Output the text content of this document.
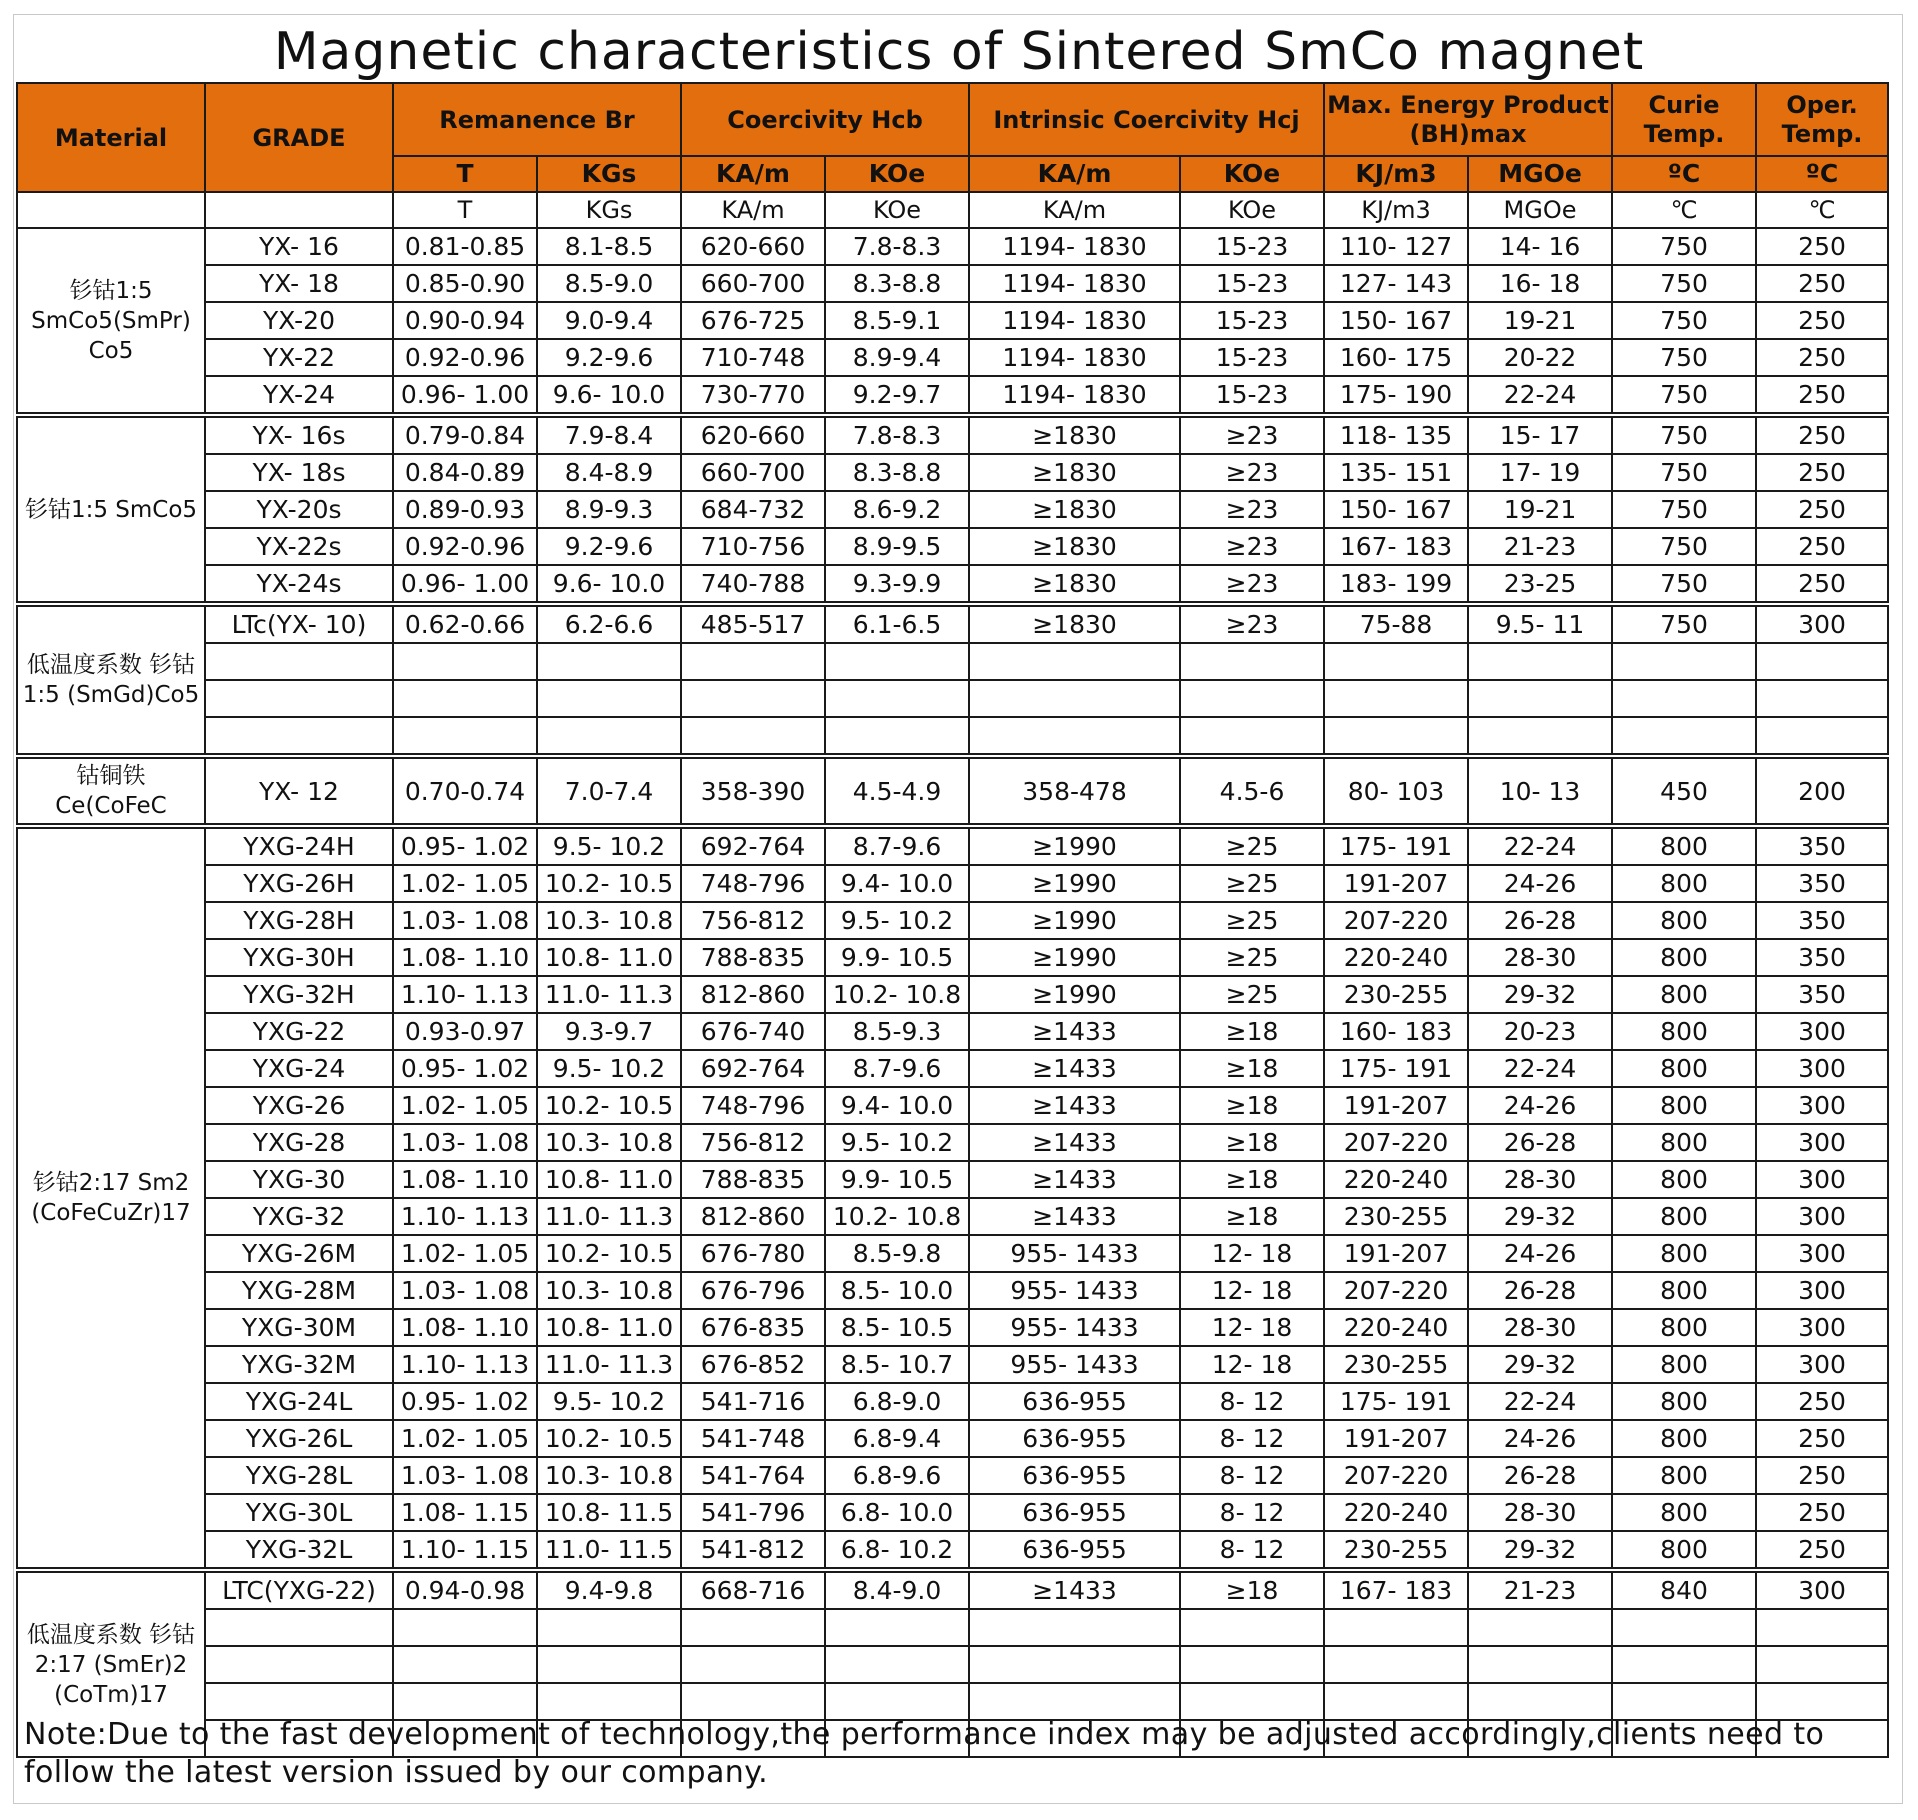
Magnetic characteristics of Sintered SmCo magnet
Material	GRADE	Remanence Br		Coercivity Hcb		Intrinsic Coercivity Hcj		Max. Energy Product (BH)max		Curie Temp.	Oper. Temp.
		T	KGs	KA/m	KOe	KA/m	KOe	KJ/m3	MGOe	ºC	ºC
		T	KGs	KA/m	KOe	KA/m	KOe	KJ/m3	MGOe	℃	℃
钐钴1:5 SmCo5(SmPr) Co5	YX- 16	0.81-0.85	8.1-8.5	620-660	7.8-8.3	1194- 1830	15-23	110- 127	14- 16	750	250
	YX- 18	0.85-0.90	8.5-9.0	660-700	8.3-8.8	1194- 1830	15-23	127- 143	16- 18	750	250
	YX-20	0.90-0.94	9.0-9.4	676-725	8.5-9.1	1194- 1830	15-23	150- 167	19-21	750	250
	YX-22	0.92-0.96	9.2-9.6	710-748	8.9-9.4	1194- 1830	15-23	160- 175	20-22	750	250
	YX-24	0.96- 1.00	9.6- 10.0	730-770	9.2-9.7	1194- 1830	15-23	175- 190	22-24	750	250
钐钴1:5 SmCo5	YX- 16s	0.79-0.84	7.9-8.4	620-660	7.8-8.3	≥1830	≥23	118- 135	15- 17	750	250
	YX- 18s	0.84-0.89	8.4-8.9	660-700	8.3-8.8	≥1830	≥23	135- 151	17- 19	750	250
	YX-20s	0.89-0.93	8.9-9.3	684-732	8.6-9.2	≥1830	≥23	150- 167	19-21	750	250
	YX-22s	0.92-0.96	9.2-9.6	710-756	8.9-9.5	≥1830	≥23	167- 183	21-23	750	250
	YX-24s	0.96- 1.00	9.6- 10.0	740-788	9.3-9.9	≥1830	≥23	183- 199	23-25	750	250
低温度系数 钐钴1:5 (SmGd)Co5	LTc(YX- 10)	0.62-0.66	6.2-6.6	485-517	6.1-6.5	≥1830	≥23	75-88	9.5- 11	750	300

钴铜铁 Ce(CoFeC	YX- 12	0.70-0.74	7.0-7.4	358-390	4.5-4.9	358-478	4.5-6	80- 103	10- 13	450	200
钐钴2:17 Sm2 (CoFeCuZr)17	YXG-24H	0.95- 1.02	9.5- 10.2	692-764	8.7-9.6	≥1990	≥25	175- 191	22-24	800	350
	YXG-26H	1.02- 1.05	10.2- 10.5	748-796	9.4- 10.0	≥1990	≥25	191-207	24-26	800	350
	YXG-28H	1.03- 1.08	10.3- 10.8	756-812	9.5- 10.2	≥1990	≥25	207-220	26-28	800	350
	YXG-30H	1.08- 1.10	10.8- 11.0	788-835	9.9- 10.5	≥1990	≥25	220-240	28-30	800	350
	YXG-32H	1.10- 1.13	11.0- 11.3	812-860	10.2- 10.8	≥1990	≥25	230-255	29-32	800	350
	YXG-22	0.93-0.97	9.3-9.7	676-740	8.5-9.3	≥1433	≥18	160- 183	20-23	800	300
	YXG-24	0.95- 1.02	9.5- 10.2	692-764	8.7-9.6	≥1433	≥18	175- 191	22-24	800	300
	YXG-26	1.02- 1.05	10.2- 10.5	748-796	9.4- 10.0	≥1433	≥18	191-207	24-26	800	300
	YXG-28	1.03- 1.08	10.3- 10.8	756-812	9.5- 10.2	≥1433	≥18	207-220	26-28	800	300
	YXG-30	1.08- 1.10	10.8- 11.0	788-835	9.9- 10.5	≥1433	≥18	220-240	28-30	800	300
	YXG-32	1.10- 1.13	11.0- 11.3	812-860	10.2- 10.8	≥1433	≥18	230-255	29-32	800	300
	YXG-26M	1.02- 1.05	10.2- 10.5	676-780	8.5-9.8	955- 1433	12- 18	191-207	24-26	800	300
	YXG-28M	1.03- 1.08	10.3- 10.8	676-796	8.5- 10.0	955- 1433	12- 18	207-220	26-28	800	300
	YXG-30M	1.08- 1.10	10.8- 11.0	676-835	8.5- 10.5	955- 1433	12- 18	220-240	28-30	800	300
	YXG-32M	1.10- 1.13	11.0- 11.3	676-852	8.5- 10.7	955- 1433	12- 18	230-255	29-32	800	300
	YXG-24L	0.95- 1.02	9.5- 10.2	541-716	6.8-9.0	636-955	8- 12	175- 191	22-24	800	250
	YXG-26L	1.02- 1.05	10.2- 10.5	541-748	6.8-9.4	636-955	8- 12	191-207	24-26	800	250
	YXG-28L	1.03- 1.08	10.3- 10.8	541-764	6.8-9.6	636-955	8- 12	207-220	26-28	800	250
	YXG-30L	1.08- 1.15	10.8- 11.5	541-796	6.8- 10.0	636-955	8- 12	220-240	28-30	800	250
	YXG-32L	1.10- 1.15	11.0- 11.5	541-812	6.8- 10.2	636-955	8- 12	230-255	29-32	800	250
低温度系数 钐钴2:17 (SmEr)2 (CoTm)17	LTC(YXG-22)	0.94-0.98	9.4-9.8	668-716	8.4-9.0	≥1433	≥18	167- 183	21-23	840	300

Note:Due to the fast development of technology,the performance index may be adjusted accordingly,clients need to follow the latest version issued by our company.
